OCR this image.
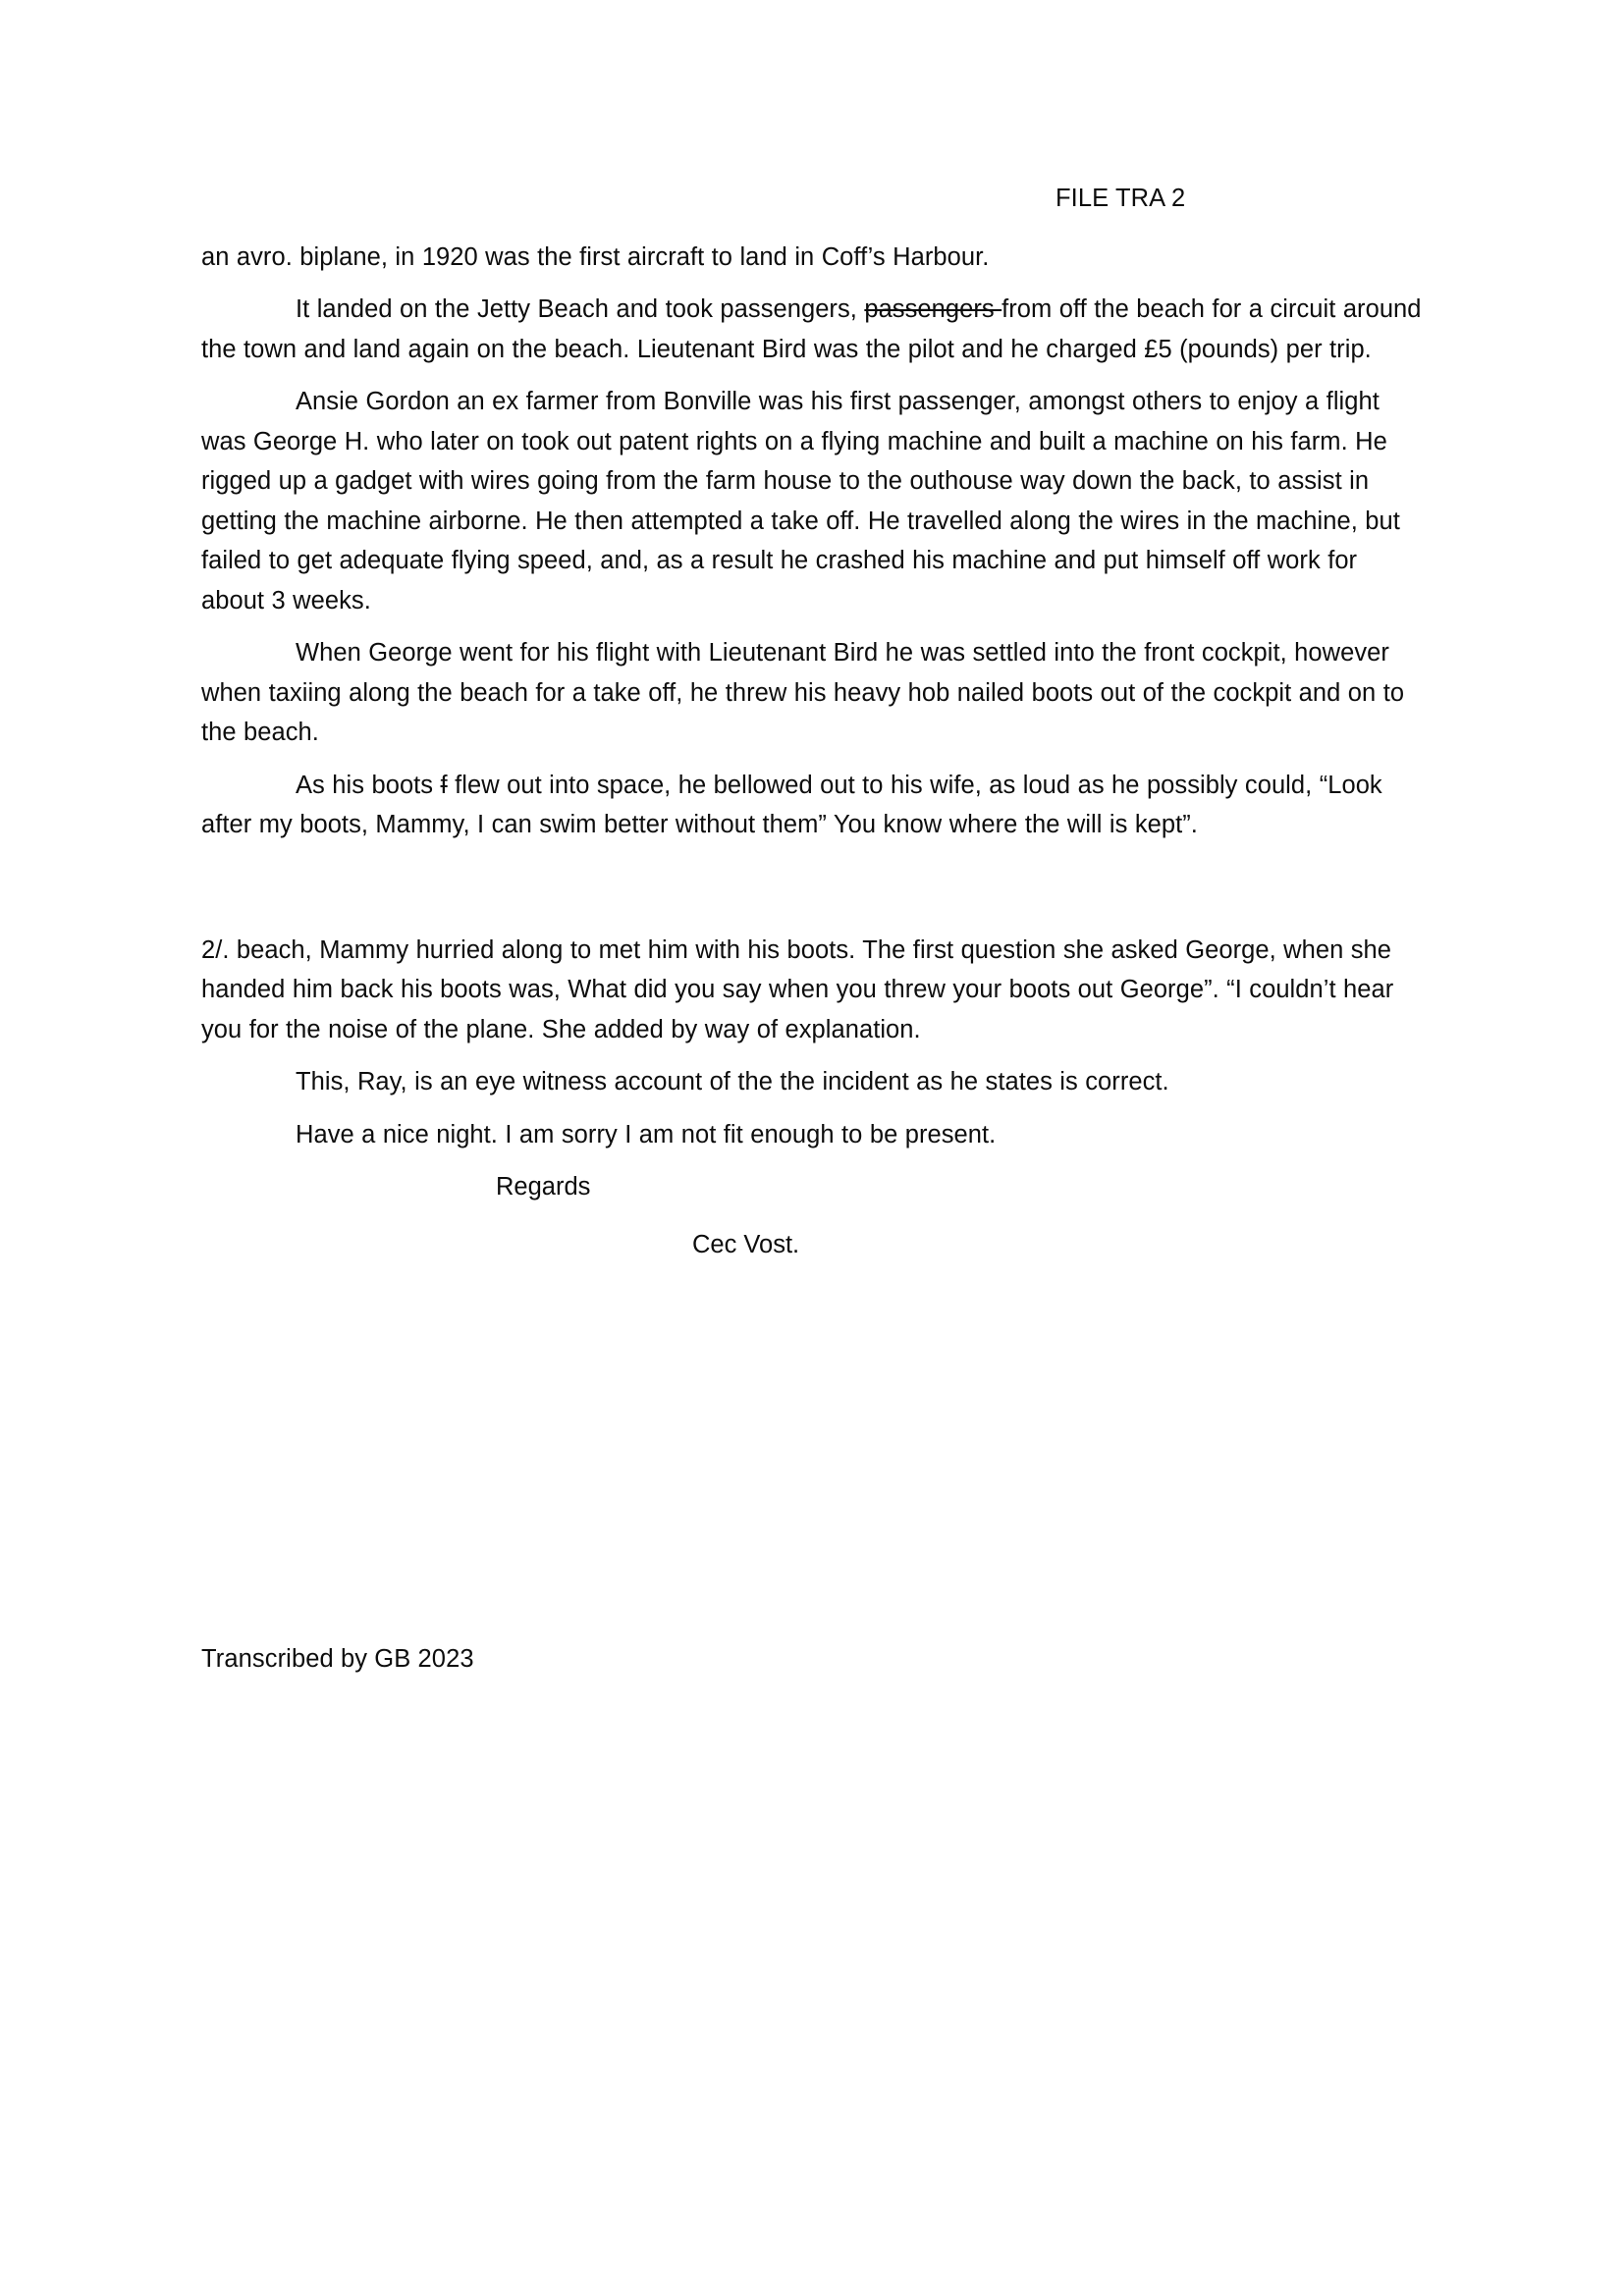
FILE TRA 2

an avro. biplane, in 1920 was the first aircraft to land in Coff’s Harbour.

It landed on the Jetty Beach and took passengers, passengers from off the beach for a circuit around the town and land again on the beach. Lieutenant Bird was the pilot and he charged £5 (pounds) per trip.

Ansie Gordon an ex farmer from Bonville was his first passenger, amongst others to enjoy a flight was George H. who later on took out patent rights on a flying machine and built a machine on his farm. He rigged up a gadget with wires going from the farm house to the outhouse way down the back, to assist in getting the machine airborne. He then attempted a take off. He travelled along the wires in the machine, but failed to get adequate flying speed, and, as a result he crashed his machine and put himself off work for about 3 weeks.

When George went for his flight with Lieutenant Bird he was settled into the front cockpit, however when taxiing along the beach for a take off, he threw his heavy hob nailed boots out of the cockpit and on to the beach.

As his boots f flew out into space, he bellowed out to his wife, as loud as he possibly could, “Look after my boots, Mammy, I can swim better without them” You know where the will is kept”.

2/. beach, Mammy hurried along to met him with his boots. The first question she asked George, when she handed him back his boots was, What did you say when you threw your boots out George”. “I couldn’t hear you for the noise of the plane. She added by way of explanation.

This, Ray, is an eye witness account of the the incident as he states is correct.

Have a nice night. I am sorry I am not fit enough to be present.

Regards
Cec Vost.
Transcribed by GB 2023
